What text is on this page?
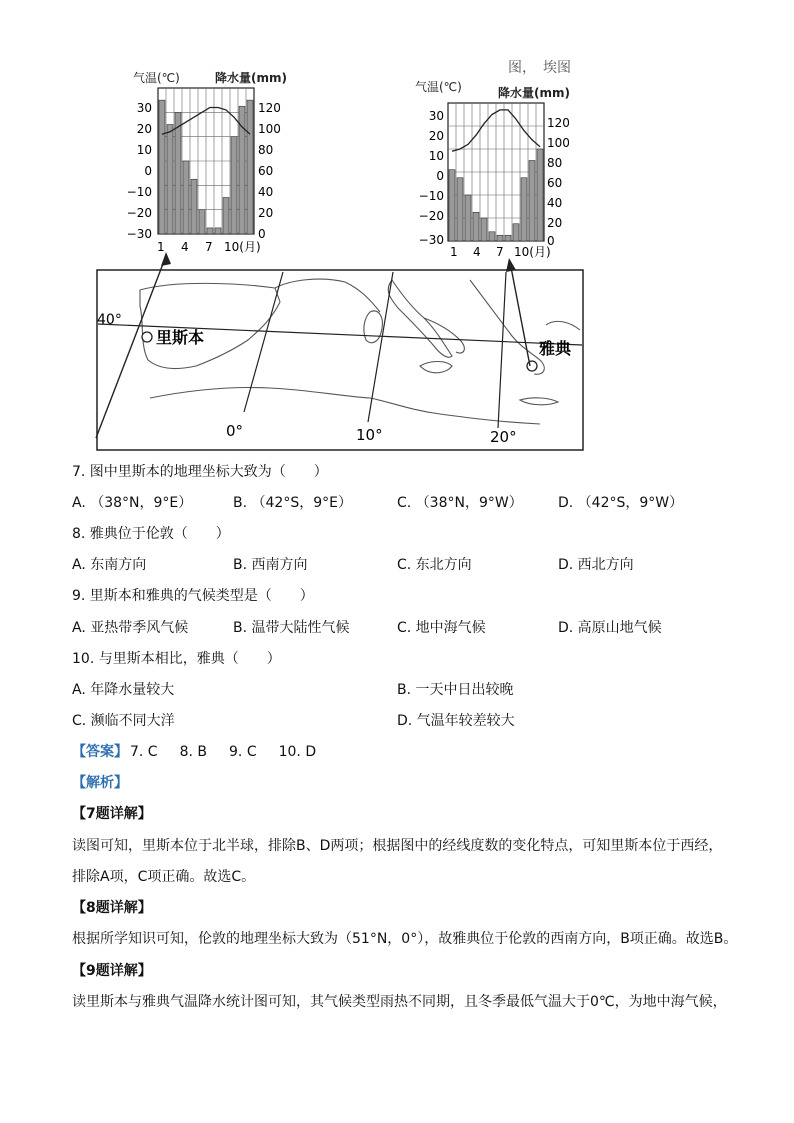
　　图，　埃图
气温(℃)	降水量(mm)
30
20
10
0
−10
−20
−30
120
100
80
60
40
20
0
1 4 7 10(月)
气温(℃)	降水量(mm)
30
20
10
0
−10
−20
−30
120
100
80
60
40
20
0
1 4 7 10(月)
40°
0°	10°	20°
里斯本
雅典
7. 图中里斯本的地理坐标大致为（　　）
A. （38°N，9°E）	B. （42°S，9°E）	C. （38°N，9°W）	D. （42°S，9°W）
8. 雅典位于伦敦（　　）
A. 东南方向	B. 西南方向	C. 东北方向	D. 西北方向
9. 里斯本和雅典的气候类型是（　　）
A. 亚热带季风气候	B. 温带大陆性气候	C. 地中海气候	D. 高原山地气候
10. 与里斯本相比，雅典（　　）
A. 年降水量较大	B. 一天中日出较晚
C. 濒临不同大洋	D. 气温年较差较大
【答案】 7. C 8. B 9. C 10. D
【解析】
【7题详解】
读图可知，里斯本位于北半球，排除B、D两项；根据图中的经线度数的变化特点，可知里斯本位于西经，
排除A项，C项正确。故选C。
【8题详解】
根据所学知识可知，伦敦的地理坐标大致为（51°N，0°），故雅典位于伦敦的西南方向，B项正确。故选B。
【9题详解】
读里斯本与雅典气温降水统计图可知，其气候类型雨热不同期，且冬季最低气温大于0℃，为地中海气候，
